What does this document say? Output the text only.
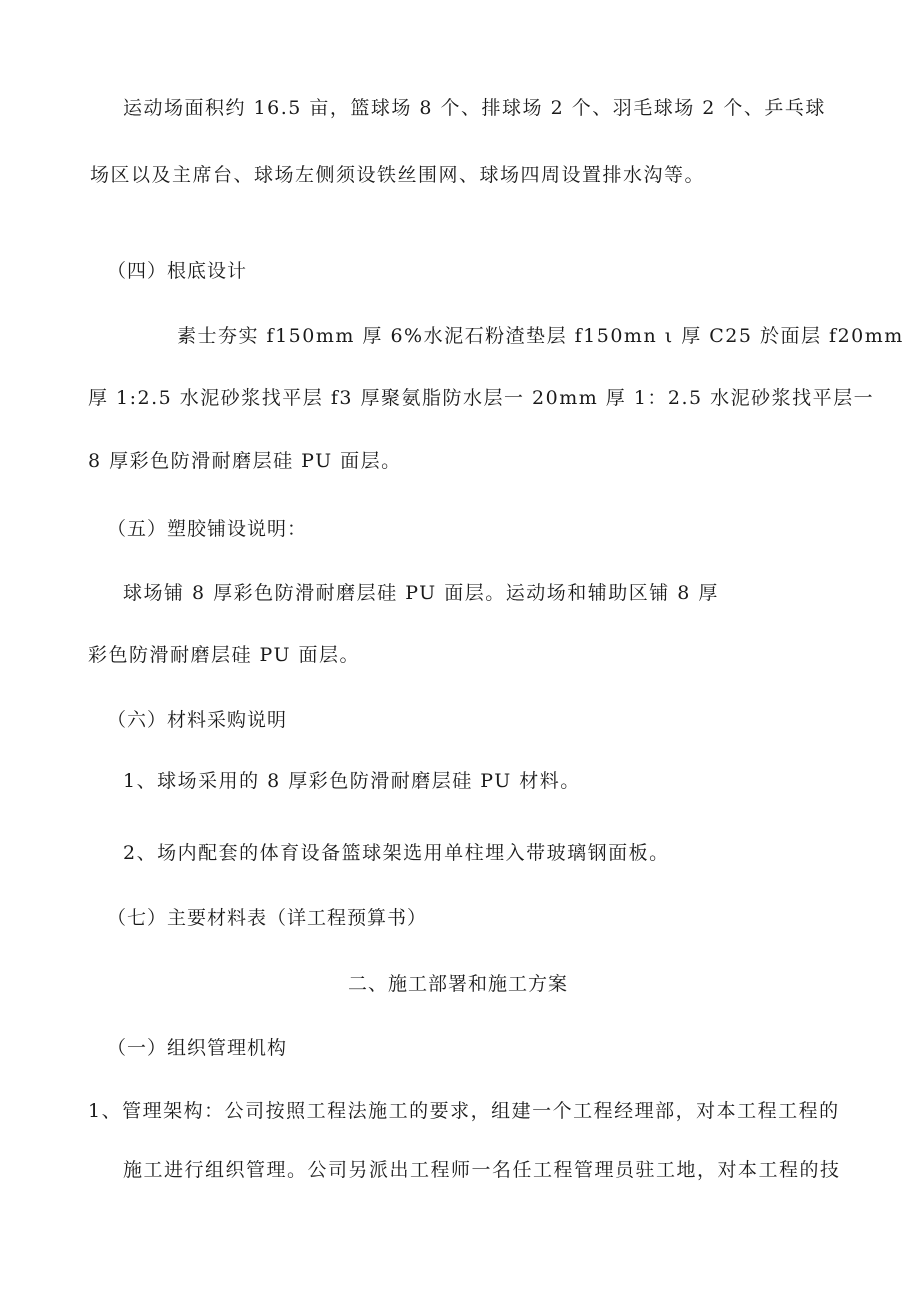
运动场面积约 16.5 亩，篮球场 8 个、排球场 2 个、羽毛球场 2 个、乒乓球

场区以及主席台、球场左侧须设铁丝围网、球场四周设置排水沟等。

（四）根底设计

素士夯实 f150mm 厚 6%水泥石粉渣垫层 f150mn ι 厚 C25 於面层 f20mm

厚 1:2.5 水泥砂浆找平层 f3 厚聚氨脂防水层一 20mm 厚 1：2.5 水泥砂浆找平层一

8 厚彩色防滑耐磨层硅 PU 面层。

（五）塑胶铺设说明：

球场铺 8 厚彩色防滑耐磨层硅 PU 面层。运动场和辅助区铺 8 厚

彩色防滑耐磨层硅 PU 面层。

（六）材料采购说明

1、球场采用的 8 厚彩色防滑耐磨层硅 PU 材料。

2、场内配套的体育设备篮球架选用单柱埋入带玻璃钢面板。

（七）主要材料表（详工程预算书）

二、施工部署和施工方案

（一）组织管理机构

1、管理架构：公司按照工程法施工的要求，组建一个工程经理部，对本工程工程的

施工进行组织管理。公司另派出工程师一名任工程管理员驻工地，对本工程的技
